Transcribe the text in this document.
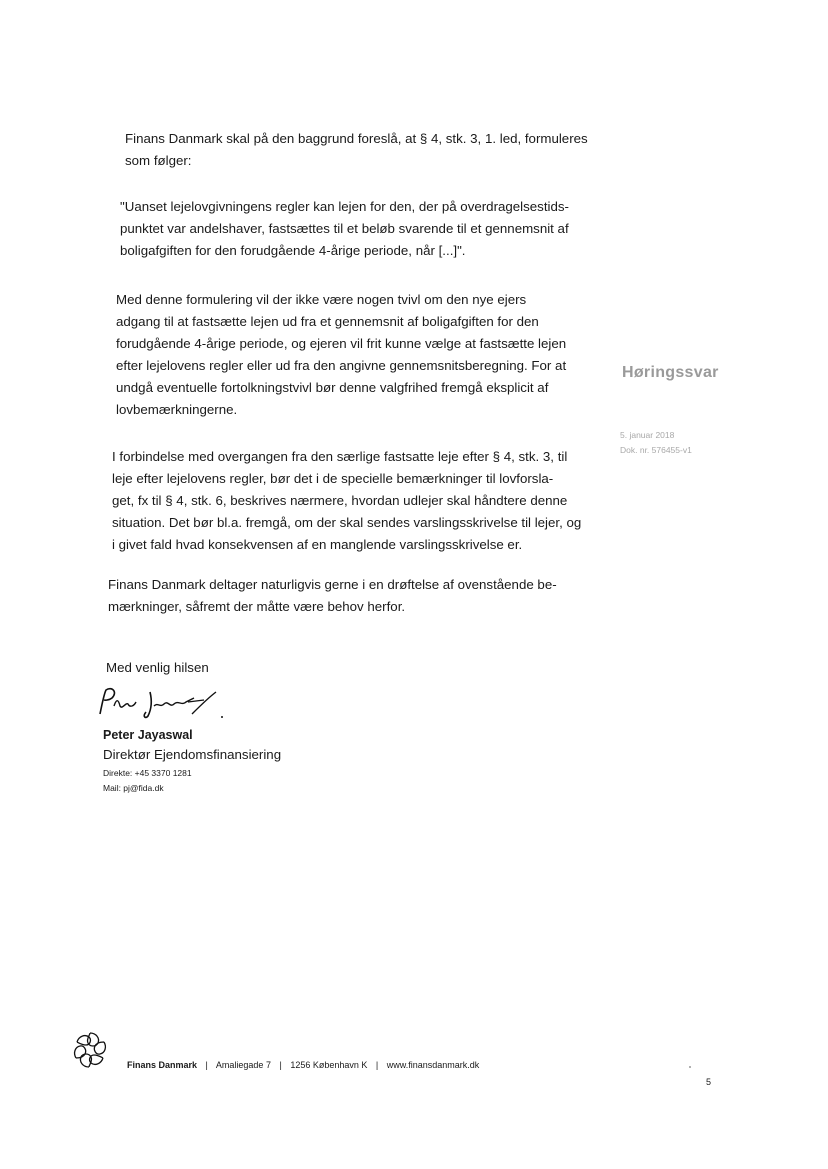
Finans Danmark skal på den baggrund foreslå, at § 4, stk. 3, 1. led, formuleres
som følger:
"Uanset lejelovgivningens regler kan lejen for den, der på overdragelsestids-
punktet var andelshaver, fastsættes til et beløb svarende til et gennemsnit af
boligafgiften for den forudgående 4-årige periode, når [...]".
Med denne formulering vil der ikke være nogen tvivl om den nye ejers
adgang til at fastsætte lejen ud fra et gennemsnit af boligafgiften for den
forudgående 4-årige periode, og ejeren vil frit kunne vælge at fastsætte lejen
efter lejelovens regler eller ud fra den angivne gennemsnitsberegning. For at
undgå eventuelle fortolkningstvivl bør denne valgfrihed fremgå eksplicit af
lovbemærkningerne.
I forbindelse med overgangen fra den særlige fastsatte leje efter § 4, stk. 3, til
leje efter lejelovens regler, bør det i de specielle bemærkninger til lovforsla-
get, fx til § 4, stk. 6, beskrives nærmere, hvordan udlejer skal håndtere denne
situation. Det bør bl.a. fremgå, om der skal sendes varslingsskrivelse til lejer, og
i givet fald hvad konsekvensen af en manglende varslingsskrivelse er.
Finans Danmark deltager naturligvis gerne i en drøftelse af ovenstående be-
mærkninger, såfremt der måtte være behov herfor.
Høringssvar
5. januar 2018
Dok. nr. 576455-v1
Med venlig hilsen
Peter Jayaswal
Direktør Ejendomsfinansiering
Direkte: +45 3370 1281
Mail: pj@fida.dk
Finans Danmark | Amaliegade 7 | 1256 København K | www.finansdanmark.dk
5
